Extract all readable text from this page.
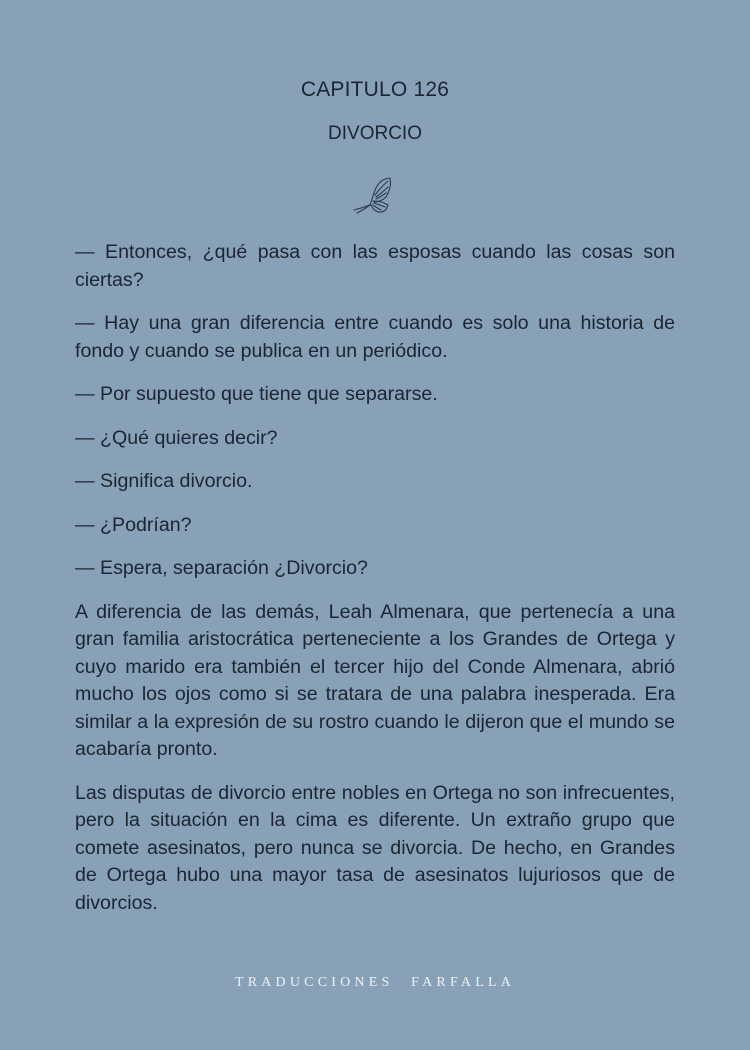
CAPITULO 126
DIVORCIO

— Entonces, ¿qué pasa con las esposas cuando las cosas son ciertas?

— Hay una gran diferencia entre cuando es solo una historia de fondo y cuando se publica en un periódico.

— Por supuesto que tiene que separarse.

— ¿Qué quieres decir?

— Significa divorcio.

— ¿Podrían?

— Espera, separación ¿Divorcio?

A diferencia de las demás, Leah Almenara, que pertenecía a una gran familia aristocrática perteneciente a los Grandes de Ortega y cuyo marido era también el tercer hijo del Conde Almenara, abrió mucho los ojos como si se tratara de una palabra inesperada. Era similar a la expresión de su rostro cuando le dijeron que el mundo se acabaría pronto.

Las disputas de divorcio entre nobles en Ortega no son infrecuentes, pero la situación en la cima es diferente. Un extraño grupo que comete asesinatos, pero nunca se divorcia. De hecho, en Grandes de Ortega hubo una mayor tasa de asesinatos lujuriosos que de divorcios.

TRADUCCIONES FARFALLA
